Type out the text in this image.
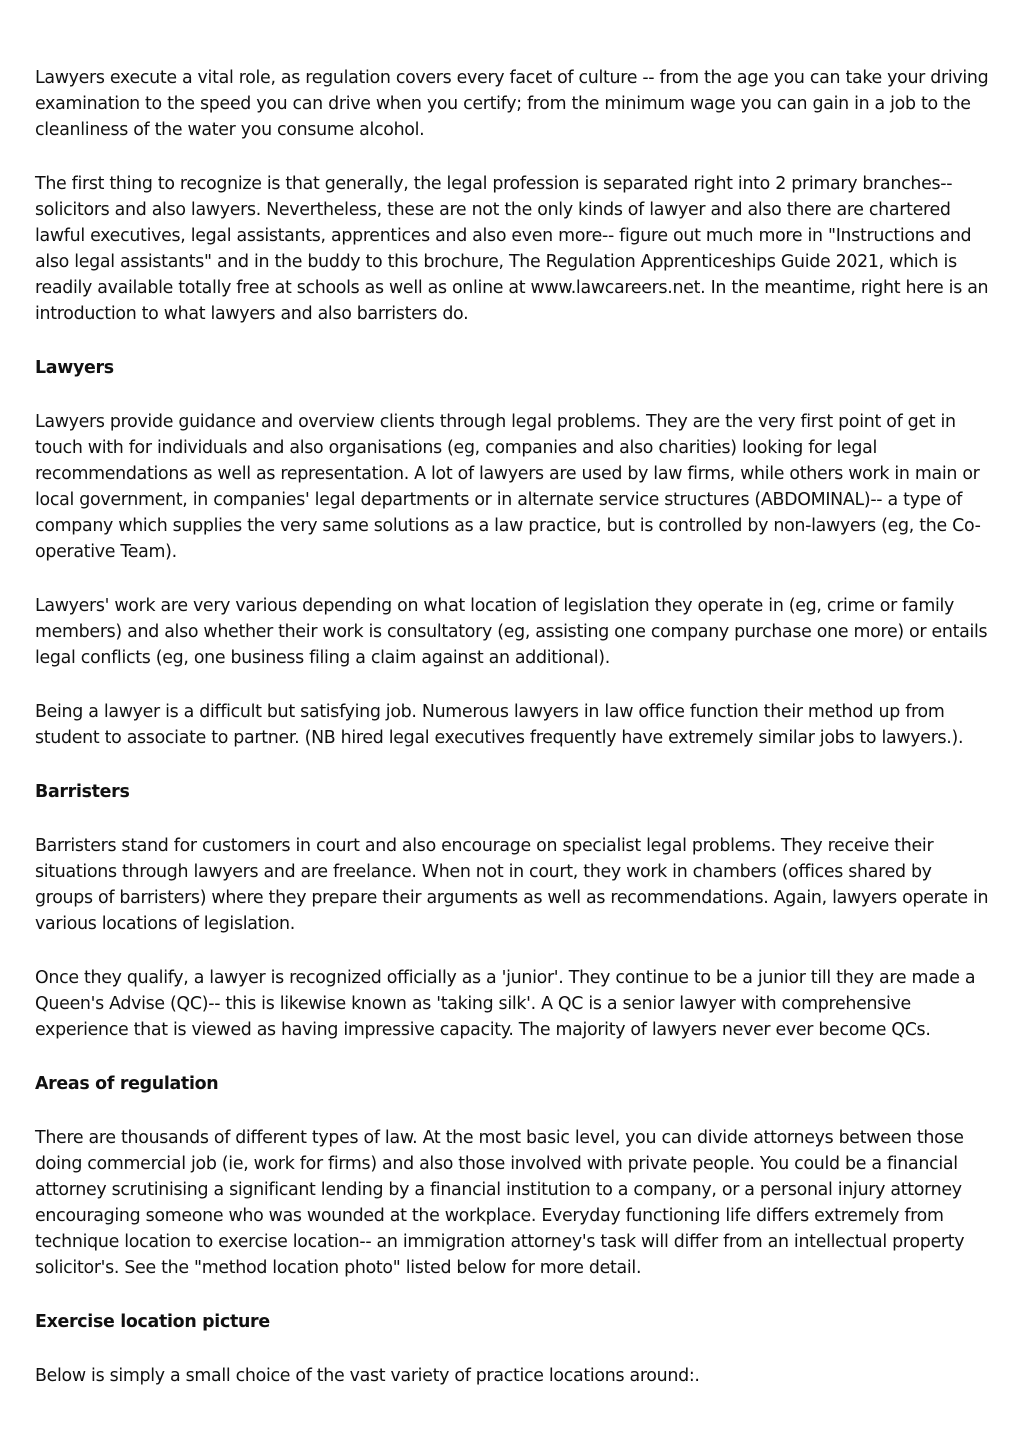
Lawyers execute a vital role, as regulation covers every facet of culture -- from the age you can take your driving examination to the speed you can drive when you certify; from the minimum wage you can gain in a job to the cleanliness of the water you consume alcohol.

The first thing to recognize is that generally, the legal profession is separated right into 2 primary branches-- solicitors and also lawyers. Nevertheless, these are not the only kinds of lawyer and also there are chartered lawful executives, legal assistants, apprentices and also even more-- figure out much more in "Instructions and also legal assistants" and in the buddy to this brochure, The Regulation Apprenticeships Guide 2021, which is readily available totally free at schools as well as online at www.lawcareers.net. In the meantime, right here is an introduction to what lawyers and also barristers do.

Lawyers

Lawyers provide guidance and overview clients through legal problems. They are the very first point of get in touch with for individuals and also organisations (eg, companies and also charities) looking for legal recommendations as well as representation. A lot of lawyers are used by law firms, while others work in main or local government, in companies' legal departments or in alternate service structures (ABDOMINAL)-- a type of company which supplies the very same solutions as a law practice, but is controlled by non-lawyers (eg, the Co-operative Team).

Lawyers' work are very various depending on what location of legislation they operate in (eg, crime or family members) and also whether their work is consultatory (eg, assisting one company purchase one more) or entails legal conflicts (eg, one business filing a claim against an additional).

Being a lawyer is a difficult but satisfying job. Numerous lawyers in law office function their method up from student to associate to partner. (NB hired legal executives frequently have extremely similar jobs to lawyers.).

Barristers

Barristers stand for customers in court and also encourage on specialist legal problems. They receive their situations through lawyers and are freelance. When not in court, they work in chambers (offices shared by groups of barristers) where they prepare their arguments as well as recommendations. Again, lawyers operate in various locations of legislation.

Once they qualify, a lawyer is recognized officially as a 'junior'. They continue to be a junior till they are made a Queen's Advise (QC)-- this is likewise known as 'taking silk'. A QC is a senior lawyer with comprehensive experience that is viewed as having impressive capacity. The majority of lawyers never ever become QCs.

Areas of regulation

There are thousands of different types of law. At the most basic level, you can divide attorneys between those doing commercial job (ie, work for firms) and also those involved with private people. You could be a financial attorney scrutinising a significant lending by a financial institution to a company, or a personal injury attorney encouraging someone who was wounded at the workplace. Everyday functioning life differs extremely from technique location to exercise location-- an immigration attorney's task will differ from an intellectual property solicitor's. See the "method location photo" listed below for more detail.

Exercise location picture

Below is simply a small choice of the vast variety of practice locations around:.
